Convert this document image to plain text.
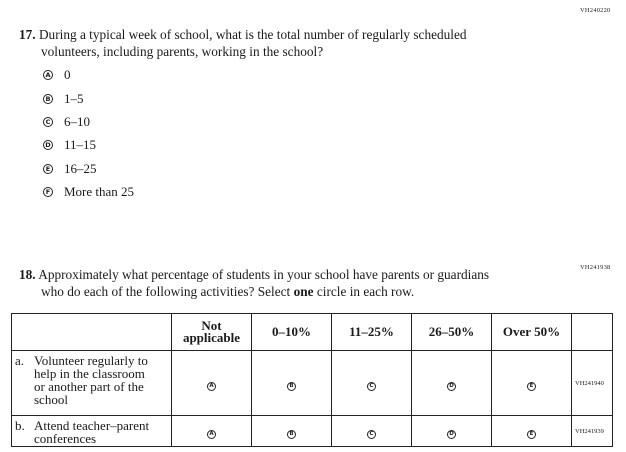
VH240220
17. During a typical week of school, what is the total number of regularly scheduled
volunteers, including parents, working in the school?
A 0
B 1–5
C 6–10
D 11–15
E 16–25
F More than 25
VH241938
18. Approximately what percentage of students in your school have parents or guardians
who do each of the following activities? Select one circle in each row.

	Not
applicable	0–10%	11–25%	26–50%	Over 50%	

a. Volunteer regularly to
help in the classroom
or another part of the
school	A	B	C	D	E	VH241940

b. Attend teacher–parent
conferences	A	B	C	D	E	VH241939
